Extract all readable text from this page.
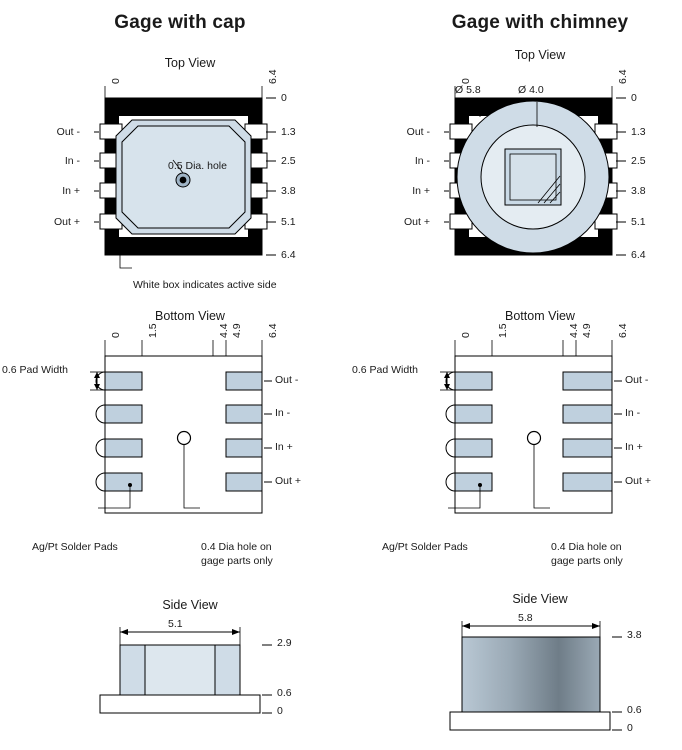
Gage with cap	Gage with chimney
Top View
0	6.4
0
1.3
2.5
3.8
5.1
6.4
Out -
In -
In +
Out +
0.5 Dia. hole
White box indicates active side
Bottom View
0 1.5	4.4 4.9 6.4
Out -
In -
In +
Out +
0.6 Pad Width
Ag/Pt Solder Pads	0.4 Dia hole on
gage parts only
Side View
5.1
2.9
0.6
0
Top View
0	6.4
0
1.3
2.5
3.8
5.1
6.4
Out -
In -
In +
Out +
Ø 5.8	Ø 4.0
Bottom View
0 1.5	4.4 4.9 6.4
Out -
In -
In +
Out +
0.6 Pad Width
Ag/Pt Solder Pads	0.4 Dia hole on
gage parts only
Side View
5.8
3.8
0.6
0
